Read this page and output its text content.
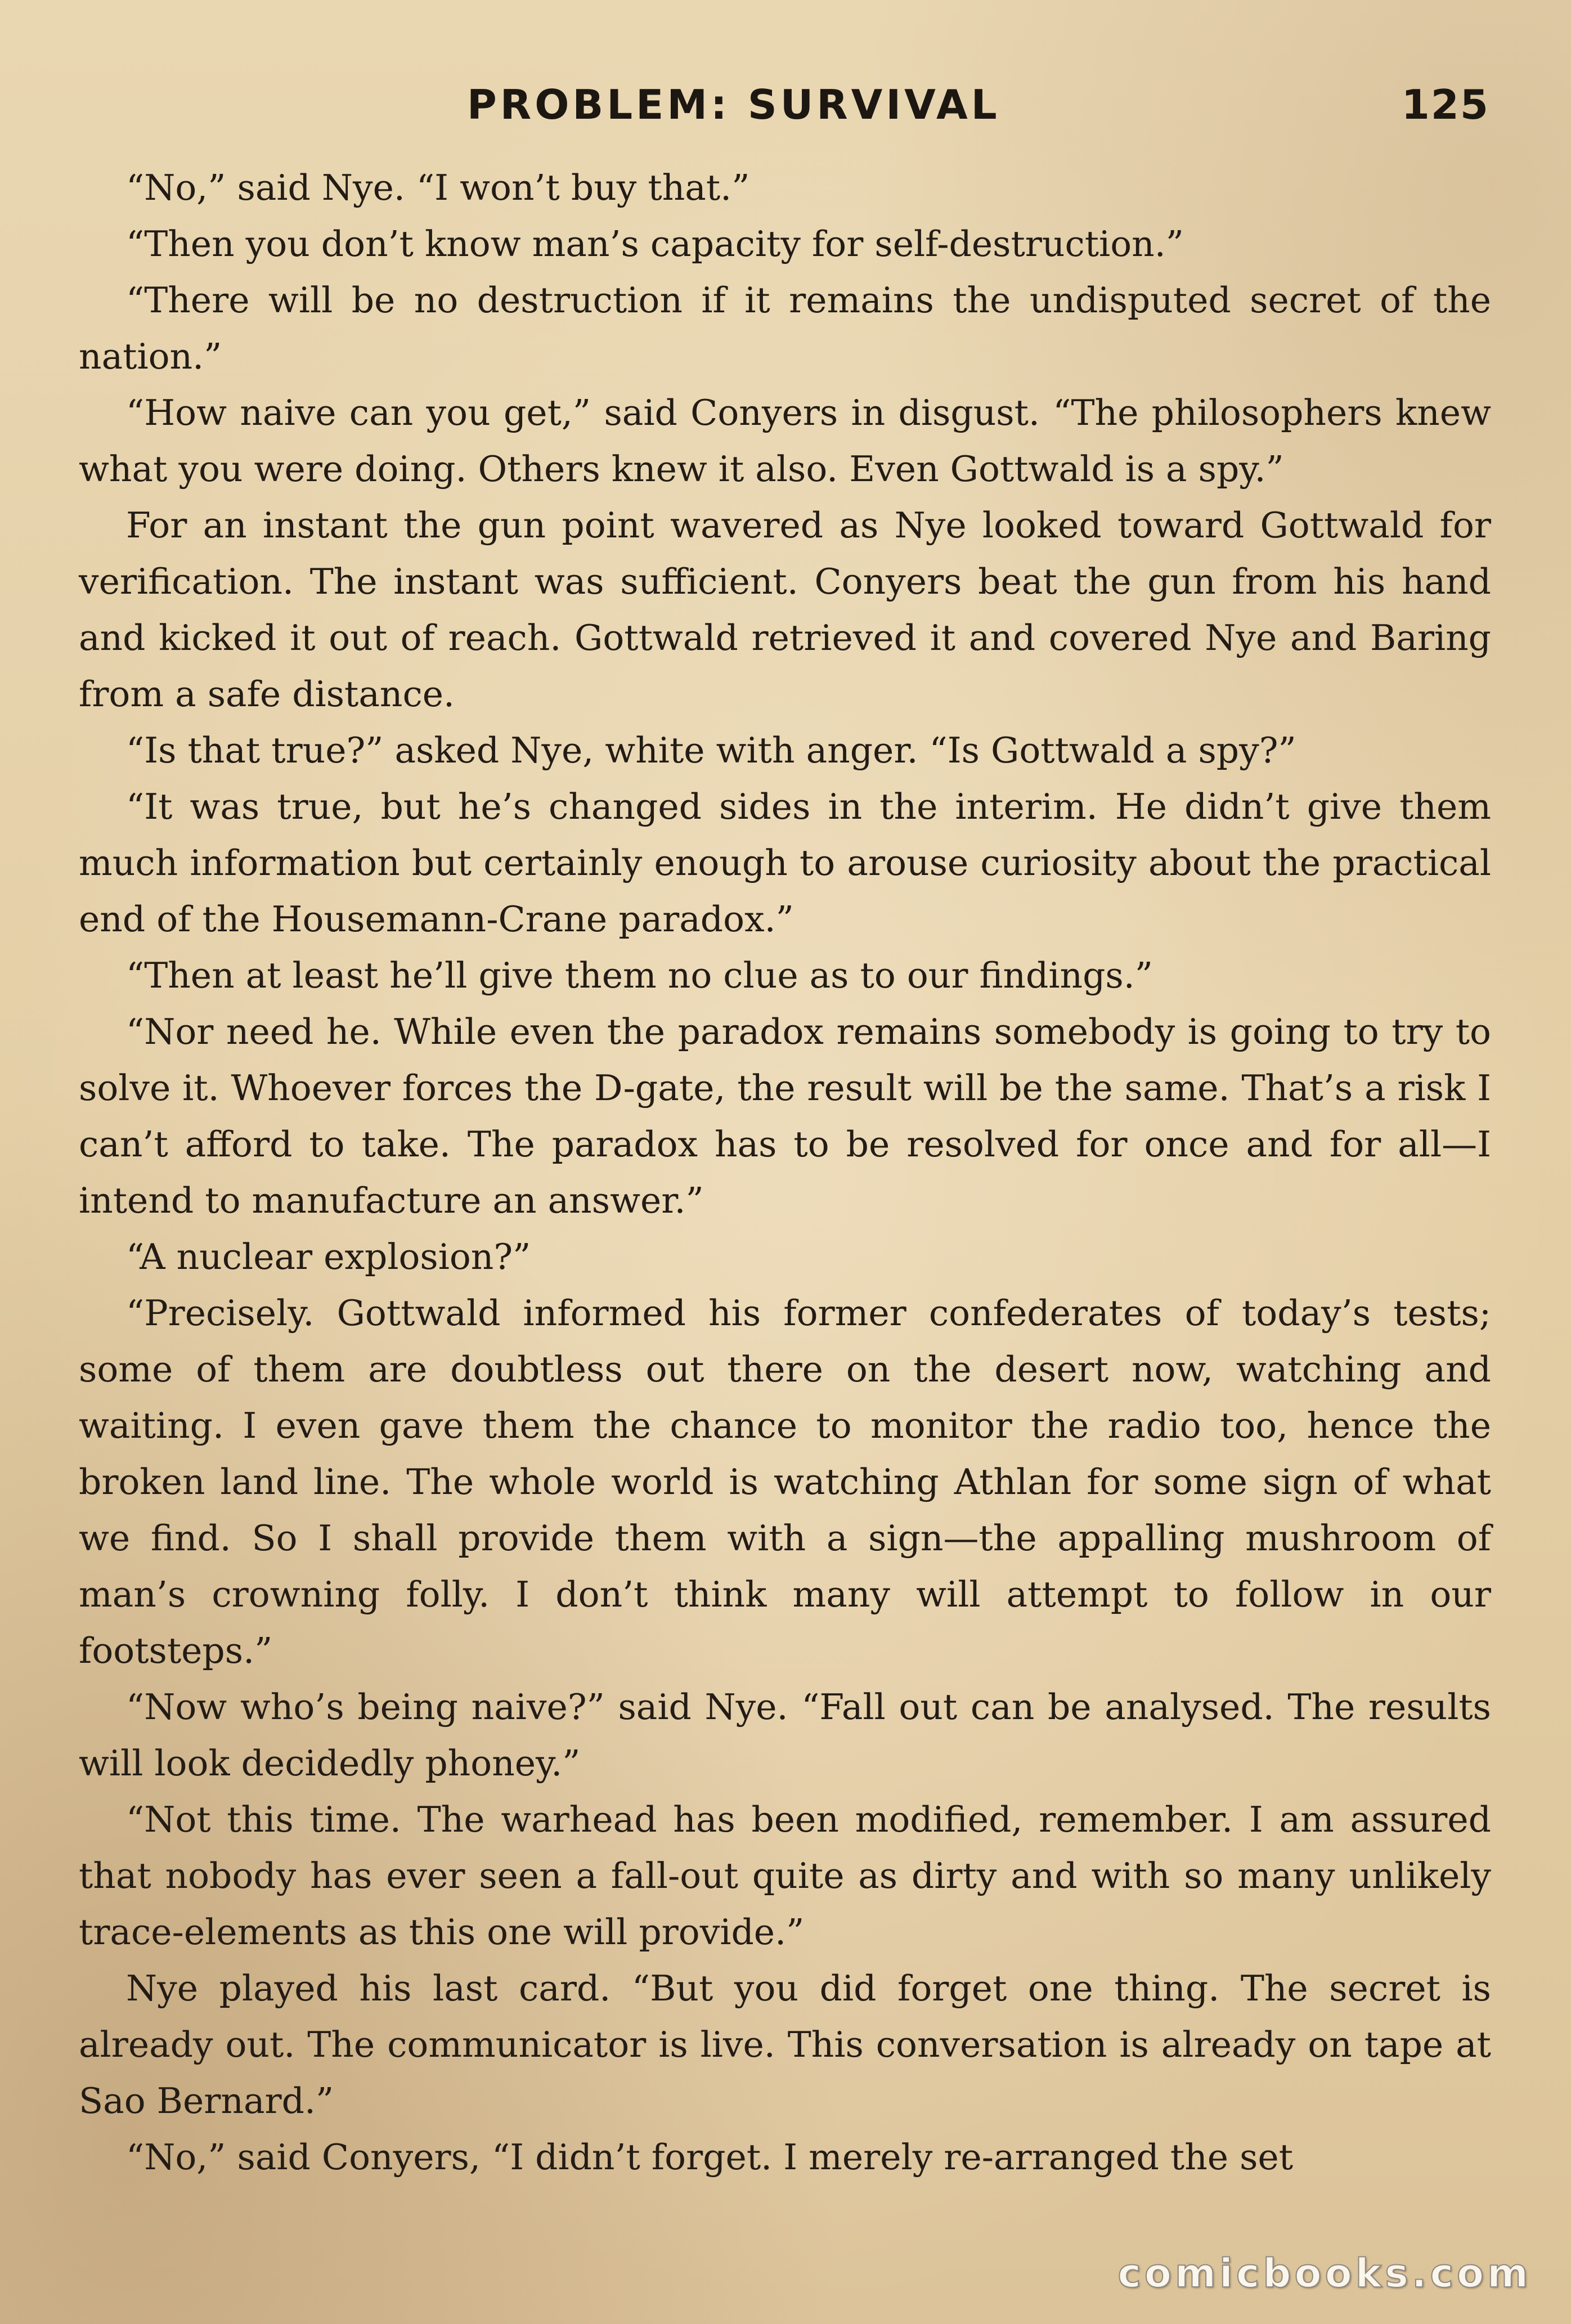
PROBLEM: SURVIVAL	125

“No,” said Nye. “I won’t buy that.”

“Then you don’t know man’s capacity for self-destruction.”

“There will be no destruction if it remains the undisputed secret of the nation.”

“How naive can you get,” said Conyers in disgust. “The philosophers knew what you were doing. Others knew it also. Even Gottwald is a spy.”

For an instant the gun point wavered as Nye looked toward Gottwald for verification. The instant was sufficient. Conyers beat the gun from his hand and kicked it out of reach. Gottwald retrieved it and covered Nye and Baring from a safe distance.

“Is that true?” asked Nye, white with anger. “Is Gottwald a spy?”

“It was true, but he’s changed sides in the interim. He didn’t give them much information but certainly enough to arouse curiosity about the practical end of the Housemann-Crane paradox.”

“Then at least he’ll give them no clue as to our findings.”

“Nor need he. While even the paradox remains somebody is going to try to solve it. Whoever forces the D-gate, the result will be the same. That’s a risk I can’t afford to take. The paradox has to be resolved for once and for all—I intend to manufacture an answer.”

“A nuclear explosion?”

“Precisely. Gottwald informed his former confederates of today’s tests; some of them are doubtless out there on the desert now, watching and waiting. I even gave them the chance to monitor the radio too, hence the broken land line. The whole world is watching Athlan for some sign of what we find. So I shall provide them with a sign—the appalling mushroom of man’s crowning folly. I don’t think many will attempt to follow in our footsteps.”

“Now who’s being naive?” said Nye. “Fall out can be analysed. The results will look decidedly phoney.”

“Not this time. The warhead has been modified, remember. I am assured that nobody has ever seen a fall-out quite as dirty and with so many unlikely trace-elements as this one will provide.”

Nye played his last card. “But you did forget one thing. The secret is already out. The communicator is live. This conversation is already on tape at Sao Bernard.”

“No,” said Conyers, “I didn’t forget. I merely re-arranged the set

comicbooks.com
